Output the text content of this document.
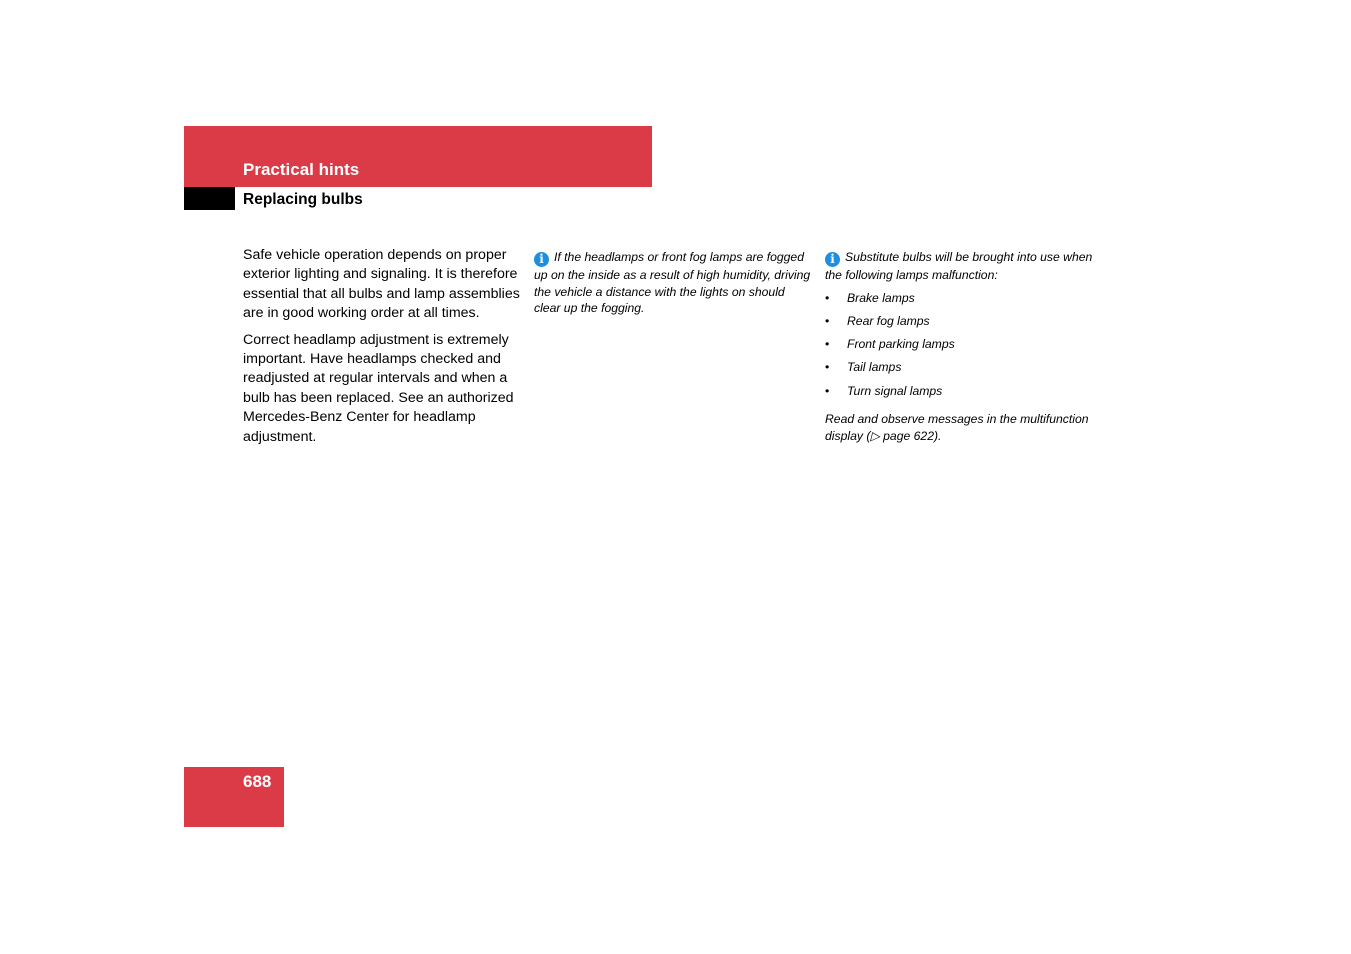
Practical hints
Replacing bulbs

Safe vehicle operation depends on proper exterior lighting and signaling. It is therefore essential that all bulbs and lamp assemblies are in good working order at all times.

Correct headlamp adjustment is extremely important. Have headlamps checked and readjusted at regular intervals and when a bulb has been replaced. See an authorized Mercedes-Benz Center for headlamp adjustment.

i If the headlamps or front fog lamps are fogged up on the inside as a result of high humidity, driving the vehicle a distance with the lights on should clear up the fogging.

i Substitute bulbs will be brought into use when the following lamps malfunction:

• Brake lamps
• Rear fog lamps
• Front parking lamps
• Tail lamps
• Turn signal lamps

Read and observe messages in the multifunction display (▷ page 622).

688
